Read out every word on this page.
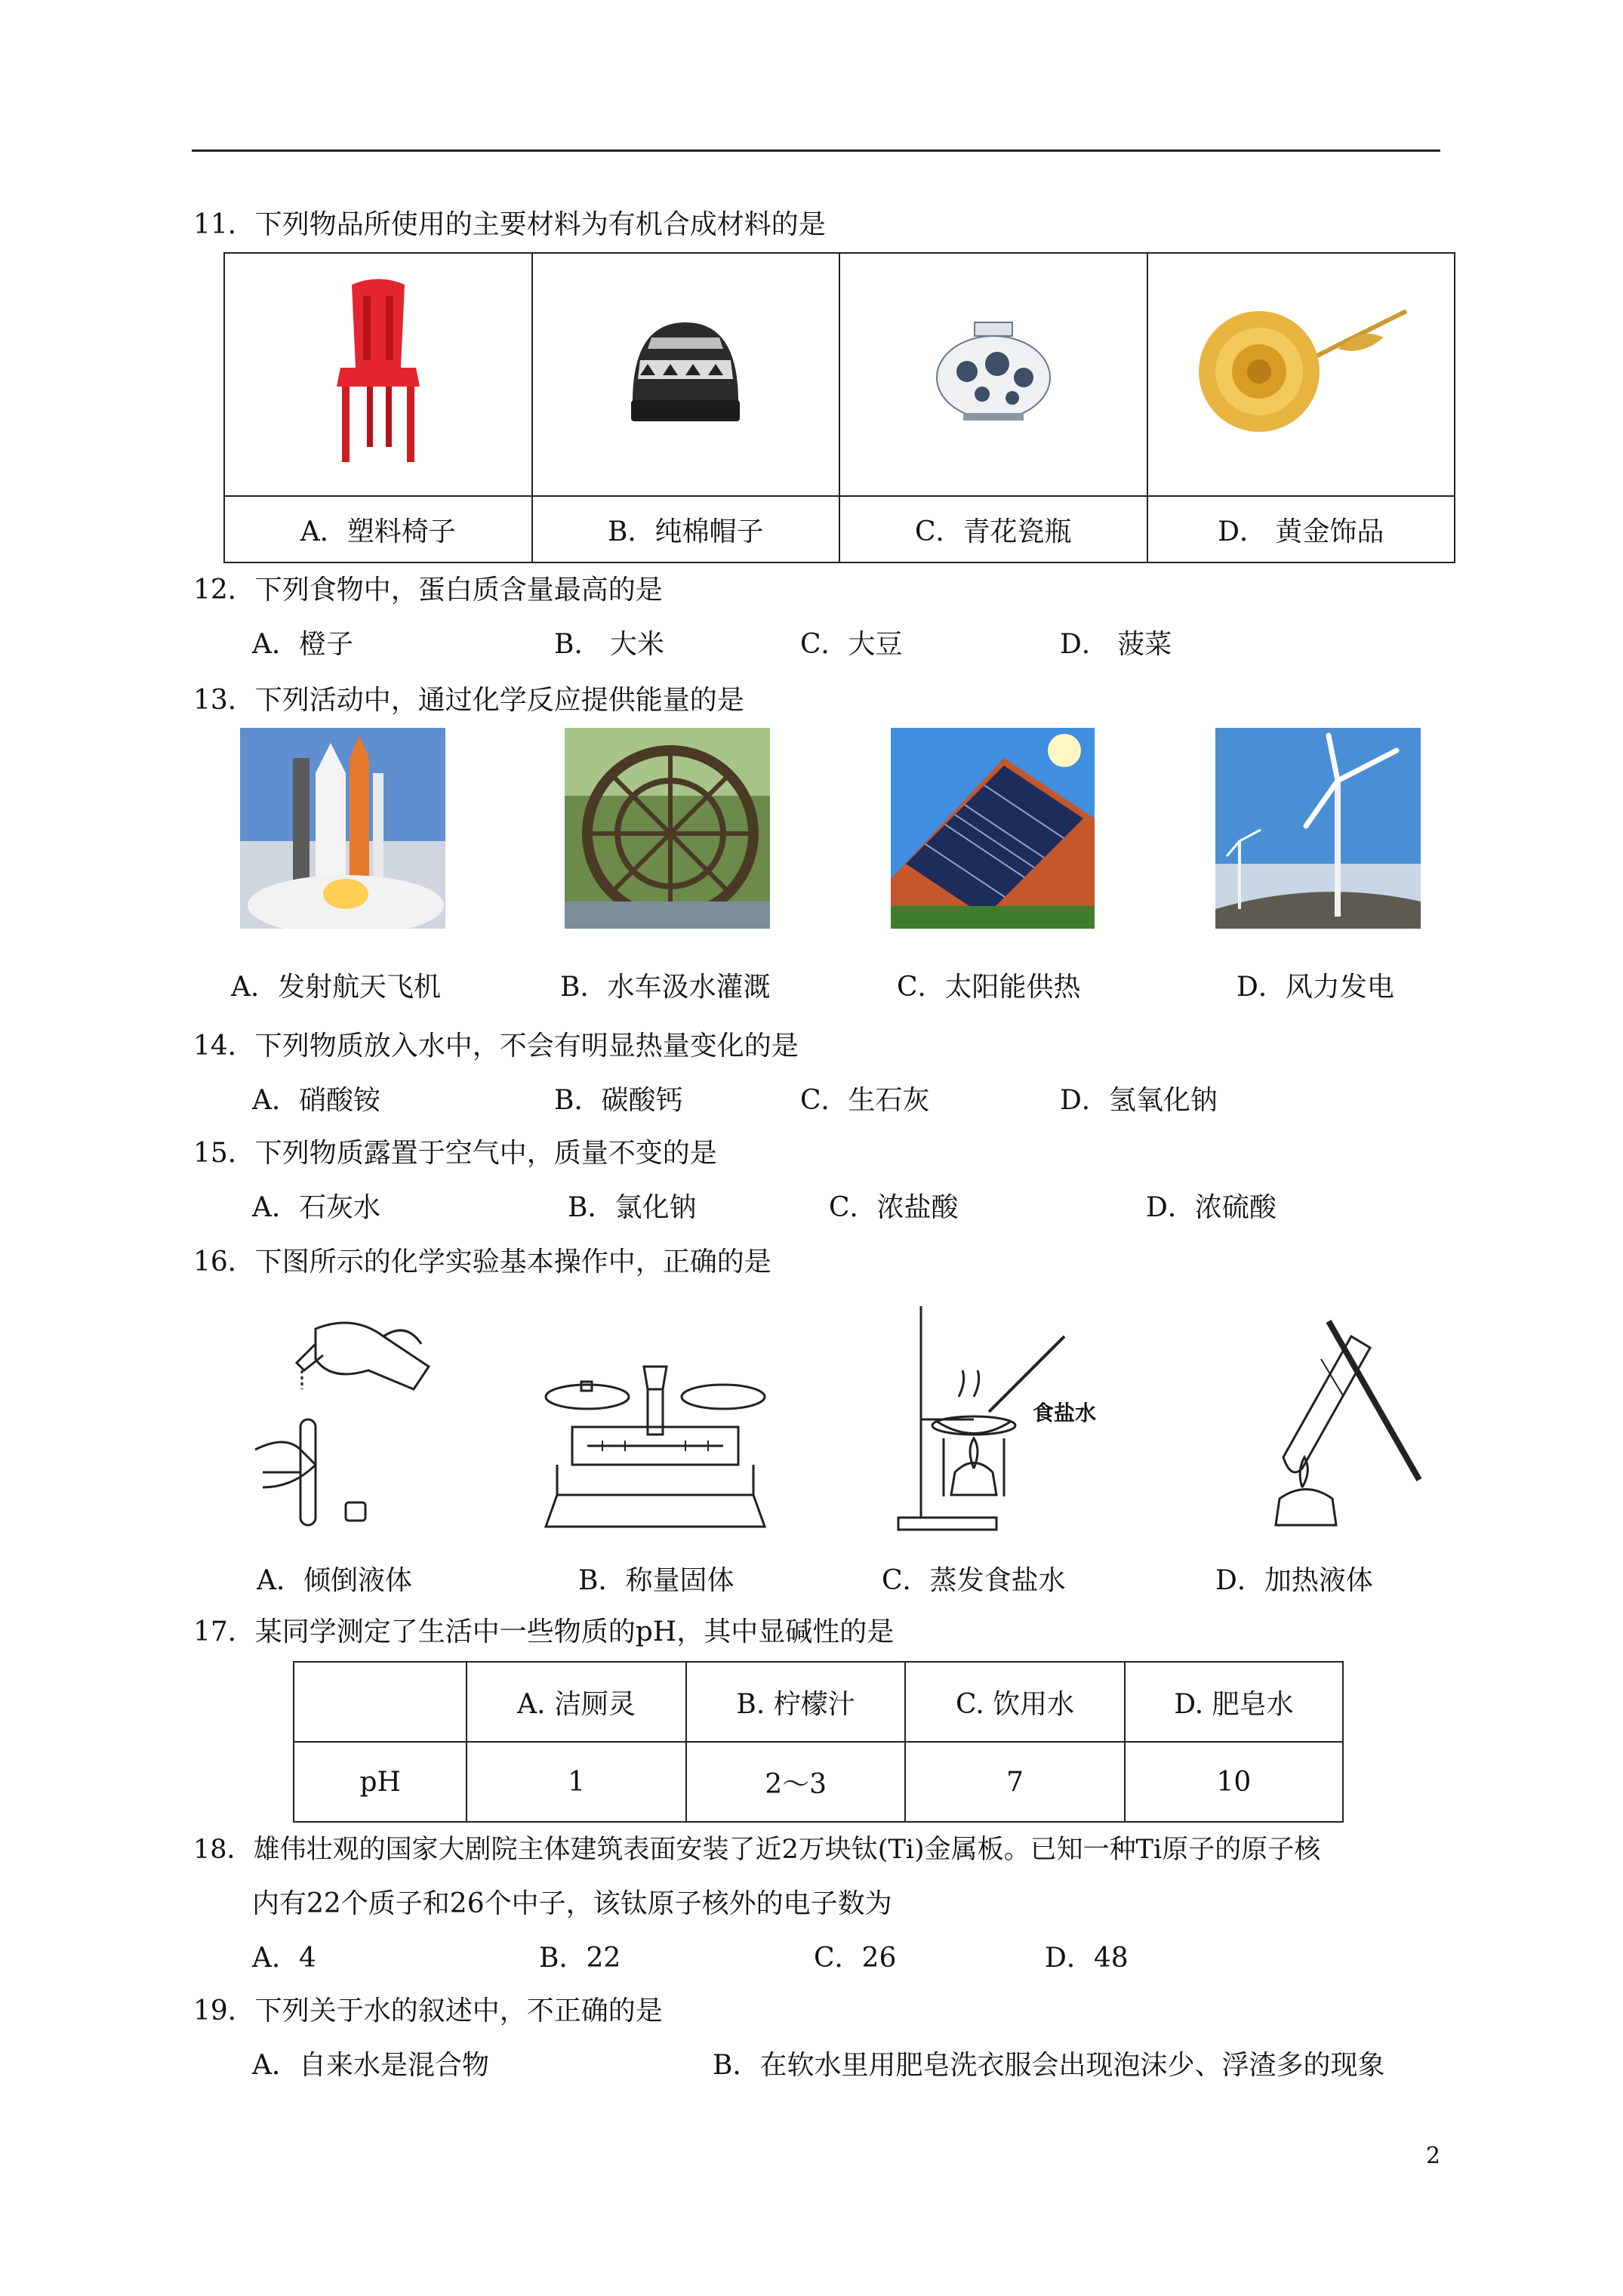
11．下列物品所使用的主要材料为有机合成材料的是

A．塑料椅子	B．纯棉帽子	C．青花瓷瓶	D． 黄金饰品
12．下列食物中，蛋白质含量最高的是
A．橙子	B． 大米	C．大豆	D． 菠菜
13．下列活动中，通过化学反应提供能量的是
A．发射航天飞机	B．水车汲水灌溉	C．太阳能供热	D．风力发电
14．下列物质放入水中，不会有明显热量变化的是
A．硝酸铵	B．碳酸钙	C．生石灰	D．氢氧化钠
15．下列物质露置于空气中，质量不变的是
A．石灰水	B．氯化钠	C．浓盐酸	D．浓硫酸
16．下图所示的化学实验基本操作中，正确的是
食盐水
A．倾倒液体	B．称量固体	C．蒸发食盐水	D．加热液体
17．某同学测定了生活中一些物质的pH，其中显碱性的是
	A. 洁厕灵	B. 柠檬汁	C. 饮用水	D. 肥皂水
pH	1	2～3	7	10
18．雄伟壮观的国家大剧院主体建筑表面安装了近2万块钛(Ti)金属板。已知一种Ti原子的原子核
内有22个质子和26个中子，该钛原子核外的电子数为
A．4	B．22	C．26	D．48
19．下列关于水的叙述中，不正确的是
A．自来水是混合物	B．在软水里用肥皂洗衣服会出现泡沫少、浮渣多的现象
2
